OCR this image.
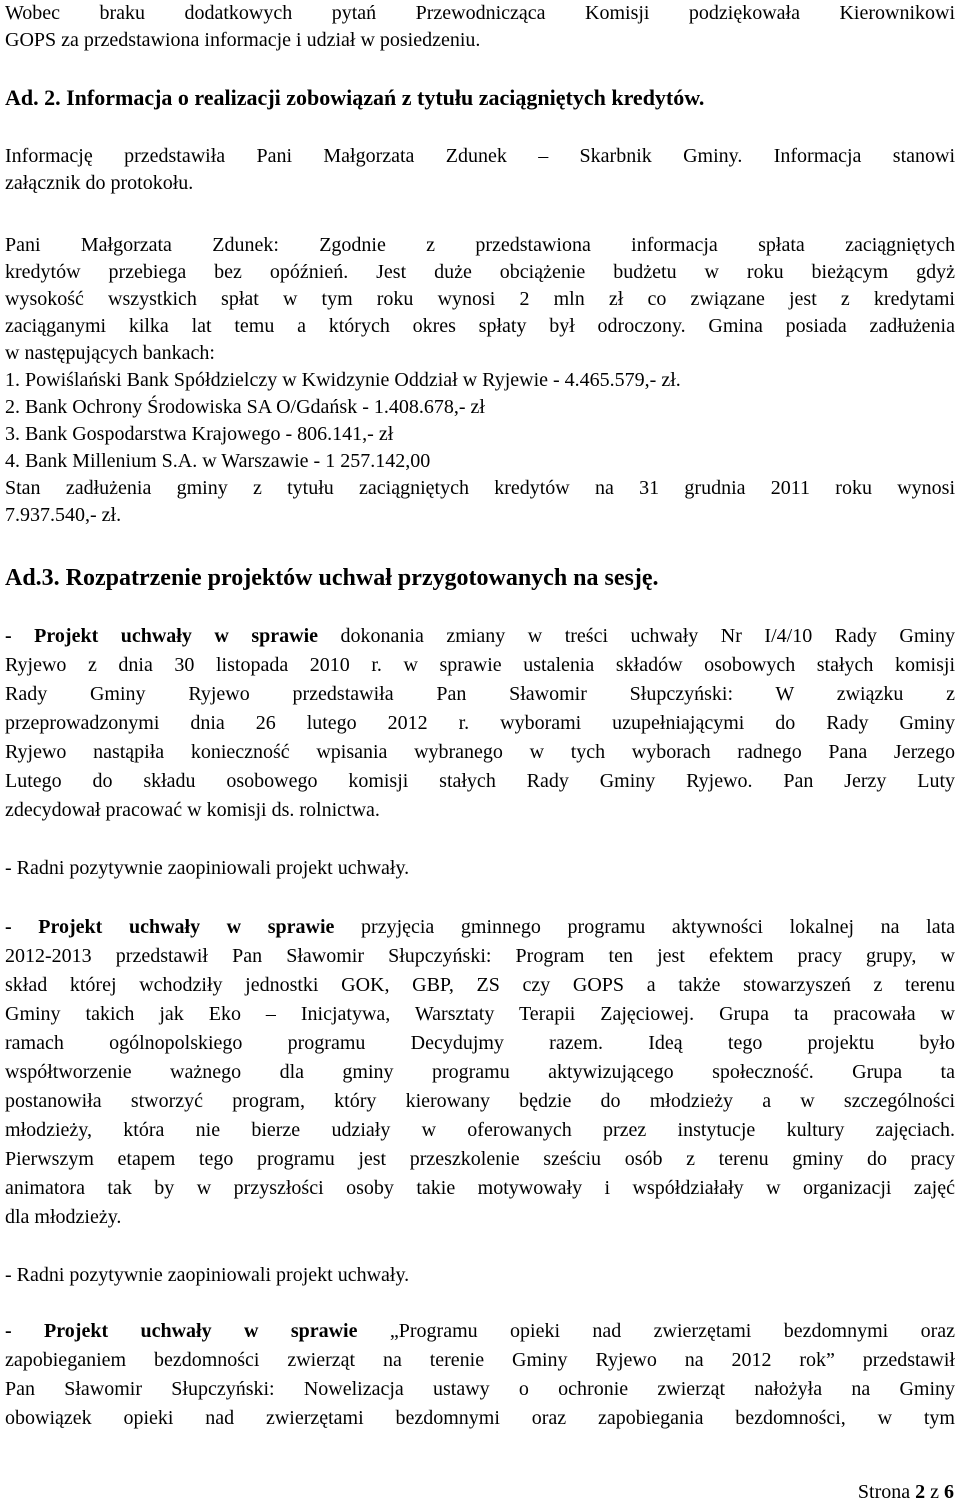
Wobec braku dodatkowych pytań Przewodnicząca Komisji podziękowała Kierownikowi
GOPS za przedstawiona informacje i udział w posiedzeniu.
Ad. 2. Informacja o realizacji zobowiązań z tytułu zaciągniętych kredytów.
Informację przedstawiła Pani Małgorzata Zdunek – Skarbnik Gminy. Informacja stanowi
załącznik do protokołu.
Pani Małgorzata Zdunek: Zgodnie z przedstawiona informacja spłata zaciągniętych
kredytów przebiega bez opóźnień. Jest duże obciążenie budżetu w roku bieżącym gdyż
wysokość wszystkich spłat w tym roku wynosi 2 mln zł co związane jest z kredytami
zaciąganymi kilka lat temu a których okres spłaty był odroczony. Gmina posiada zadłużenia
w następujących bankach:
1. Powiślański Bank Spółdzielczy w Kwidzynie Oddział w Ryjewie - 4.465.579,- zł.
2. Bank Ochrony Środowiska SA O/Gdańsk - 1.408.678,- zł
3. Bank Gospodarstwa Krajowego - 806.141,- zł
4. Bank Millenium S.A. w Warszawie - 1 257.142,00
Stan zadłużenia gminy z tytułu zaciągniętych kredytów na 31 grudnia 2011 roku wynosi
7.937.540,- zł.
Ad.3. Rozpatrzenie projektów uchwał przygotowanych na sesję.
- Projekt uchwały w sprawie dokonania zmiany w treści uchwały Nr I/4/10 Rady Gminy
Ryjewo z dnia 30 listopada 2010 r. w sprawie ustalenia składów osobowych stałych komisji
Rady Gminy Ryjewo przedstawiła Pan Sławomir Słupczyński: W związku z
przeprowadzonymi dnia 26 lutego 2012 r. wyborami uzupełniającymi do Rady Gminy
Ryjewo nastąpiła konieczność wpisania wybranego w tych wyborach radnego Pana Jerzego
Lutego do składu osobowego komisji stałych Rady Gminy Ryjewo. Pan Jerzy Luty
zdecydował pracować w komisji ds. rolnictwa.
- Radni pozytywnie zaopiniowali projekt uchwały.
- Projekt uchwały w sprawie przyjęcia gminnego programu aktywności lokalnej na lata
2012-2013 przedstawił Pan Sławomir Słupczyński: Program ten jest efektem pracy grupy, w
skład której wchodziły jednostki GOK, GBP, ZS czy GOPS a także stowarzyszeń z terenu
Gminy takich jak Eko – Inicjatywa, Warsztaty Terapii Zajęciowej. Grupa ta pracowała w
ramach ogólnopolskiego programu Decydujmy razem. Ideą tego projektu było
współtworzenie ważnego dla gminy programu aktywizującego społeczność. Grupa ta
postanowiła stworzyć program, który kierowany będzie do młodzieży a w szczególności
młodzieży, która nie bierze udziały w oferowanych przez instytucje kultury zajęciach.
Pierwszym etapem tego programu jest przeszkolenie sześciu osób z terenu gminy do pracy
animatora tak by w przyszłości osoby takie motywowały i współdziałały w organizacji zajęć
dla młodzieży.
- Radni pozytywnie zaopiniowali projekt uchwały.
- Projekt uchwały w sprawie „Programu opieki nad zwierzętami bezdomnymi oraz
zapobieganiem bezdomności zwierząt na terenie Gminy Ryjewo na 2012 rok” przedstawił
Pan Sławomir Słupczyński: Nowelizacja ustawy o ochronie zwierząt nałożyła na Gminy
obowiązek opieki nad zwierzętami bezdomnymi oraz zapobiegania bezdomności, w tym
Strona 2 z 6
